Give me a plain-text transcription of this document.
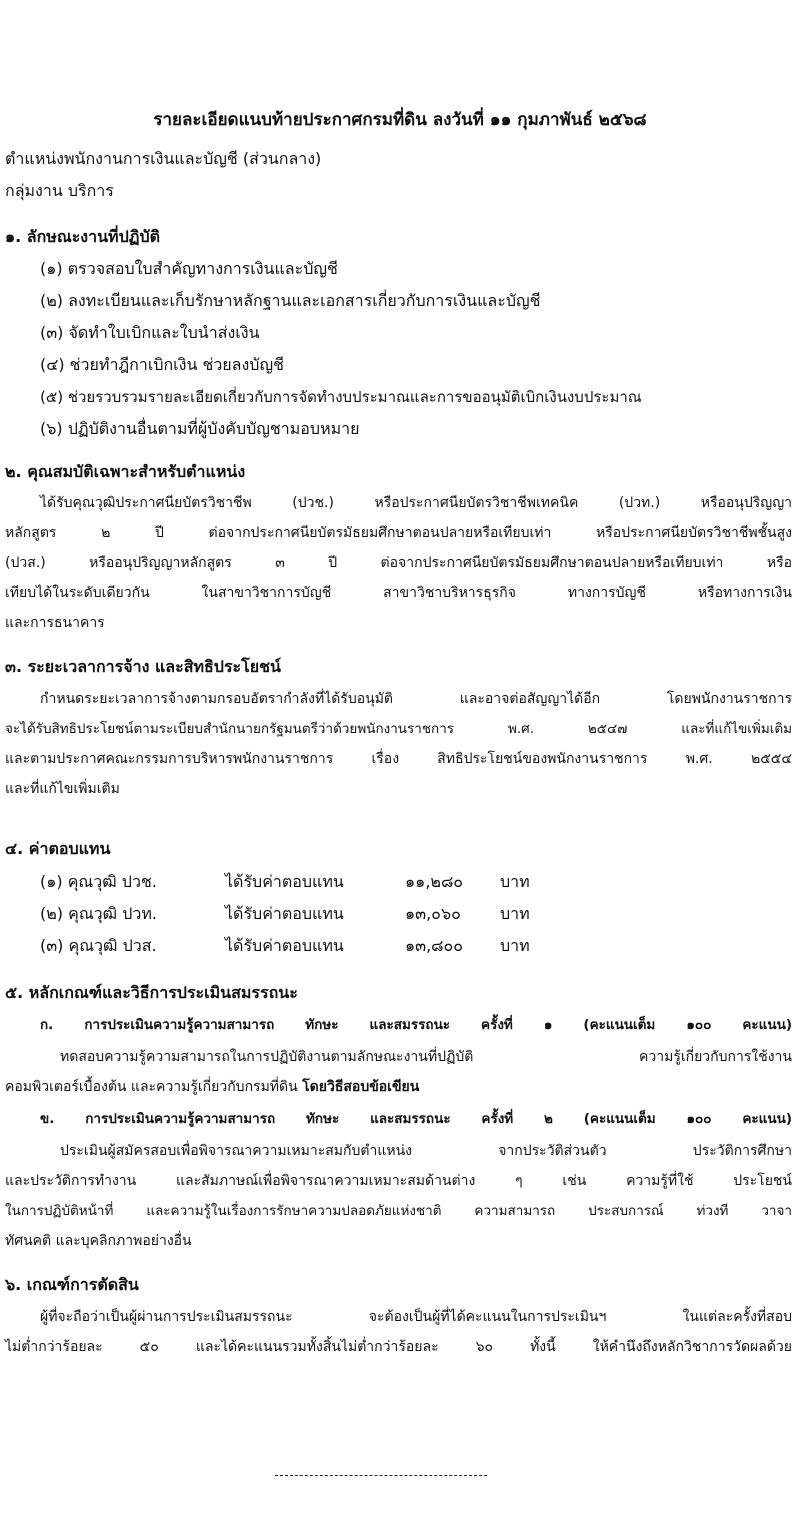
รายละเอียดแนบท้ายประกาศกรมที่ดิน ลงวันที่ ๑๑ กุมภาพันธ์ ๒๕๖๘
ตำแหน่งพนักงานการเงินและบัญชี (ส่วนกลาง)
กลุ่มงาน บริการ
๑. ลักษณะงานที่ปฏิบัติ
(๑) ตรวจสอบใบสำคัญทางการเงินและบัญชี
(๒) ลงทะเบียนและเก็บรักษาหลักฐานและเอกสารเกี่ยวกับการเงินและบัญชี
(๓) จัดทำใบเบิกและใบนำส่งเงิน
(๔) ช่วยทำฎีกาเบิกเงิน ช่วยลงบัญชี
(๕) ช่วยรวบรวมรายละเอียดเกี่ยวกับการจัดทำงบประมาณและการขออนุมัติเบิกเงินงบประมาณ
(๖) ปฏิบัติงานอื่นตามที่ผู้บังคับบัญชามอบหมาย
๒. คุณสมบัติเฉพาะสำหรับตำแหน่ง
ได้รับคุณวุฒิประกาศนียบัตรวิชาชีพ (ปวช.) หรือประกาศนียบัตรวิชาชีพเทคนิค (ปวท.) หรืออนุปริญญา
หลักสูตร ๒ ปี ต่อจากประกาศนียบัตรมัธยมศึกษาตอนปลายหรือเทียบเท่า หรือประกาศนียบัตรวิชาชีพชั้นสูง
(ปวส.) หรืออนุปริญญาหลักสูตร ๓ ปี ต่อจากประกาศนียบัตรมัธยมศึกษาตอนปลายหรือเทียบเท่า หรือ
เทียบได้ในระดับเดียวกัน ในสาขาวิชาการบัญชี สาขาวิชาบริหารธุรกิจ ทางการบัญชี หรือทางการเงิน
และการธนาคาร
๓. ระยะเวลาการจ้าง และสิทธิประโยชน์
กำหนดระยะเวลาการจ้างตามกรอบอัตรากำลังที่ได้รับอนุมัติ และอาจต่อสัญญาได้อีก โดยพนักงานราชการ
จะได้รับสิทธิประโยชน์ตามระเบียบสำนักนายกรัฐมนตรีว่าด้วยพนักงานราชการ พ.ศ. ๒๕๔๗ และที่แก้ไขเพิ่มเติม
และตามประกาศคณะกรรมการบริหารพนักงานราชการ เรื่อง สิทธิประโยชน์ของพนักงานราชการ พ.ศ. ๒๕๕๔
และที่แก้ไขเพิ่มเติม
๔. ค่าตอบแทน
(๑) คุณวุฒิ ปวช.	ได้รับค่าตอบแทน	๑๑,๒๘๐ บาท
(๒) คุณวุฒิ ปวท.	ได้รับค่าตอบแทน	๑๓,๐๖๐ บาท
(๓) คุณวุฒิ ปวส.	ได้รับค่าตอบแทน	๑๓,๘๐๐ บาท
๕. หลักเกณฑ์และวิธีการประเมินสมรรถนะ
ก. การประเมินความรู้ความสามารถ ทักษะ และสมรรถนะ ครั้งที่ ๑ (คะแนนเต็ม ๑๐๐ คะแนน)
ทดสอบความรู้ความสามารถในการปฏิบัติงานตามลักษณะงานที่ปฏิบัติ ความรู้เกี่ยวกับการใช้งาน
คอมพิวเตอร์เบื้องต้น และความรู้เกี่ยวกับกรมที่ดิน โดยวิธีสอบข้อเขียน
ข. การประเมินความรู้ความสามารถ ทักษะ และสมรรถนะ ครั้งที่ ๒ (คะแนนเต็ม ๑๐๐ คะแนน)
ประเมินผู้สมัครสอบเพื่อพิจารณาความเหมาะสมกับตำแหน่ง จากประวัติส่วนตัว ประวัติการศึกษา
และประวัติการทำงาน และสัมภาษณ์เพื่อพิจารณาความเหมาะสมด้านต่าง ๆ เช่น ความรู้ที่ใช้ ประโยชน์
ในการปฏิบัติหน้าที่ และความรู้ในเรื่องการรักษาความปลอดภัยแห่งชาติ ความสามารถ ประสบการณ์ ท่วงที วาจา
ทัศนคติ และบุคลิกภาพอย่างอื่น
๖. เกณฑ์การตัดสิน
ผู้ที่จะถือว่าเป็นผู้ผ่านการประเมินสมรรถนะ จะต้องเป็นผู้ที่ได้คะแนนในการประเมินฯ ในแต่ละครั้งที่สอบ
ไม่ต่ำกว่าร้อยละ ๕๐ และได้คะแนนรวมทั้งสิ้นไม่ต่ำกว่าร้อยละ ๖๐ ทั้งนี้ ให้คำนึงถึงหลักวิชาการวัดผลด้วย
